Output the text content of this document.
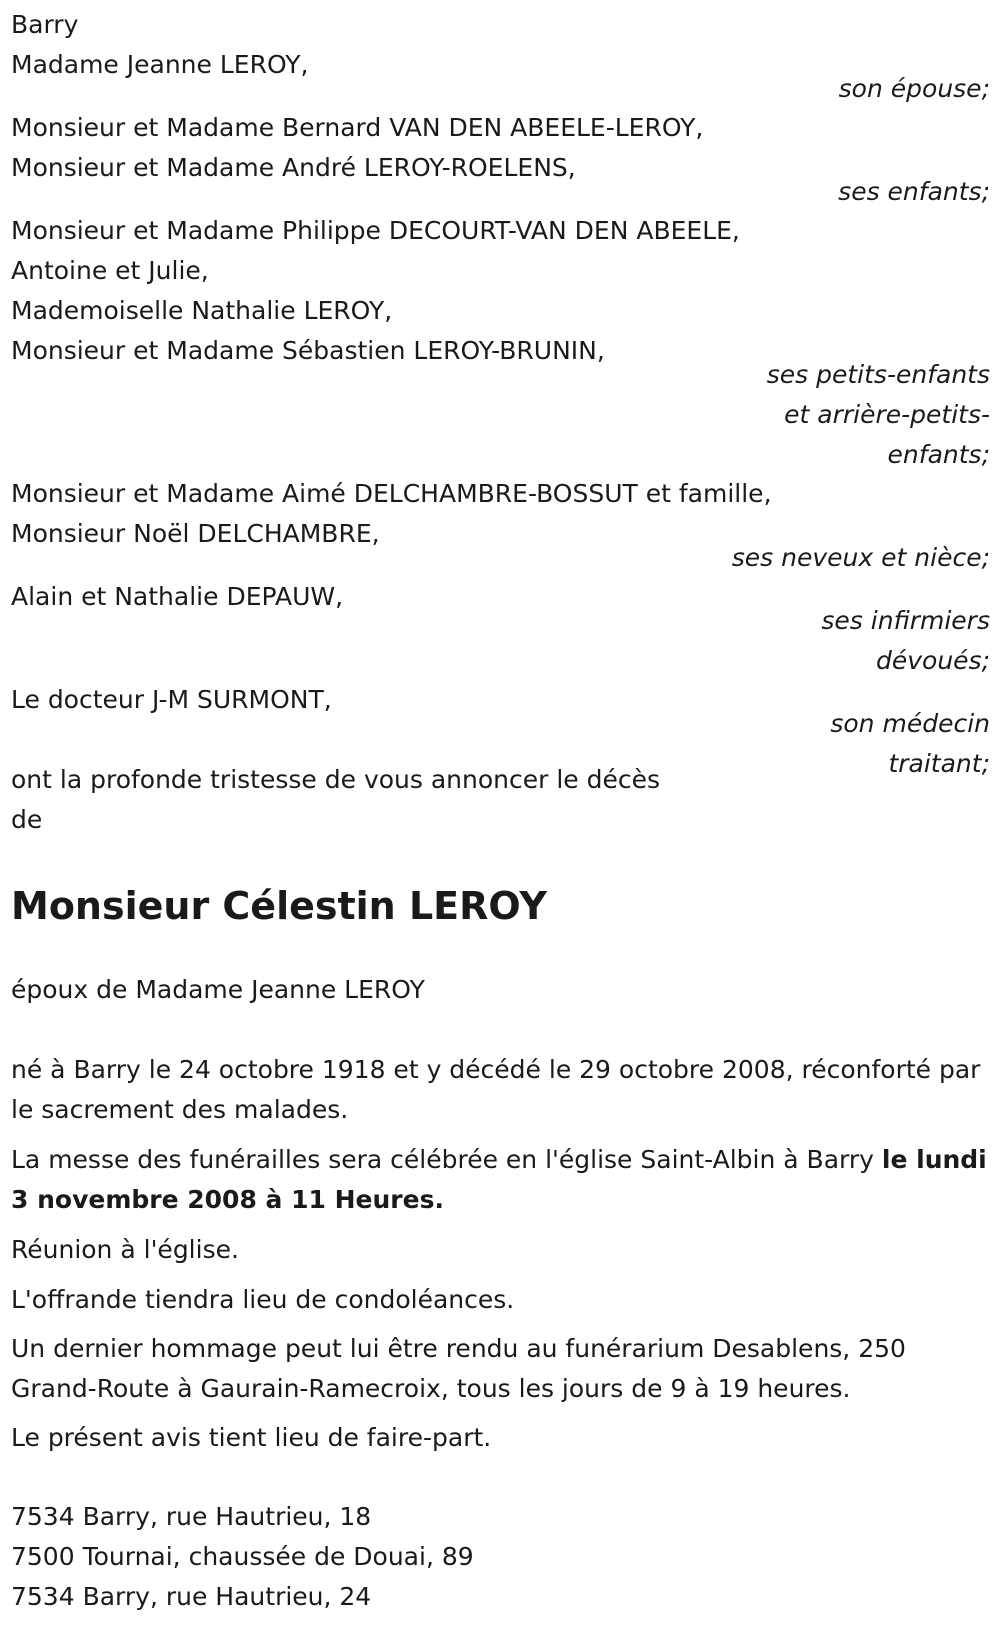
Barry
Madame Jeanne LEROY,
son épouse;
Monsieur et Madame Bernard VAN DEN ABEELE-LEROY,
Monsieur et Madame André LEROY-ROELENS,
ses enfants;
Monsieur et Madame Philippe DECOURT-VAN DEN ABEELE,
Antoine et Julie,
Mademoiselle Nathalie LEROY,
Monsieur et Madame Sébastien LEROY-BRUNIN,
ses petits-enfants
et arrière-petits-
enfants;
Monsieur et Madame Aimé DELCHAMBRE-BOSSUT et famille,
Monsieur Noël DELCHAMBRE,
ses neveux et nièce;
Alain et Nathalie DEPAUW,
ses infirmiers
dévoués;
Le docteur J-M SURMONT,
son médecin
traitant;
ont la profonde tristesse de vous annoncer le décès
de
Monsieur Célestin LEROY
époux de Madame Jeanne LEROY
né à Barry le 24 octobre 1918 et y décédé le 29 octobre 2008, réconforté par le sacrement des malades.
La messe des funérailles sera célébrée en l'église Saint-Albin à Barry le lundi 3 novembre 2008 à 11 Heures.
Réunion à l'église.
L'offrande tiendra lieu de condoléances.
Un dernier hommage peut lui être rendu au funérarium Desablens, 250 Grand-Route à Gaurain-Ramecroix, tous les jours de 9 à 19 heures.
Le présent avis tient lieu de faire-part.
7534 Barry, rue Hautrieu, 18
7500 Tournai, chaussée de Douai, 89
7534 Barry, rue Hautrieu, 24
